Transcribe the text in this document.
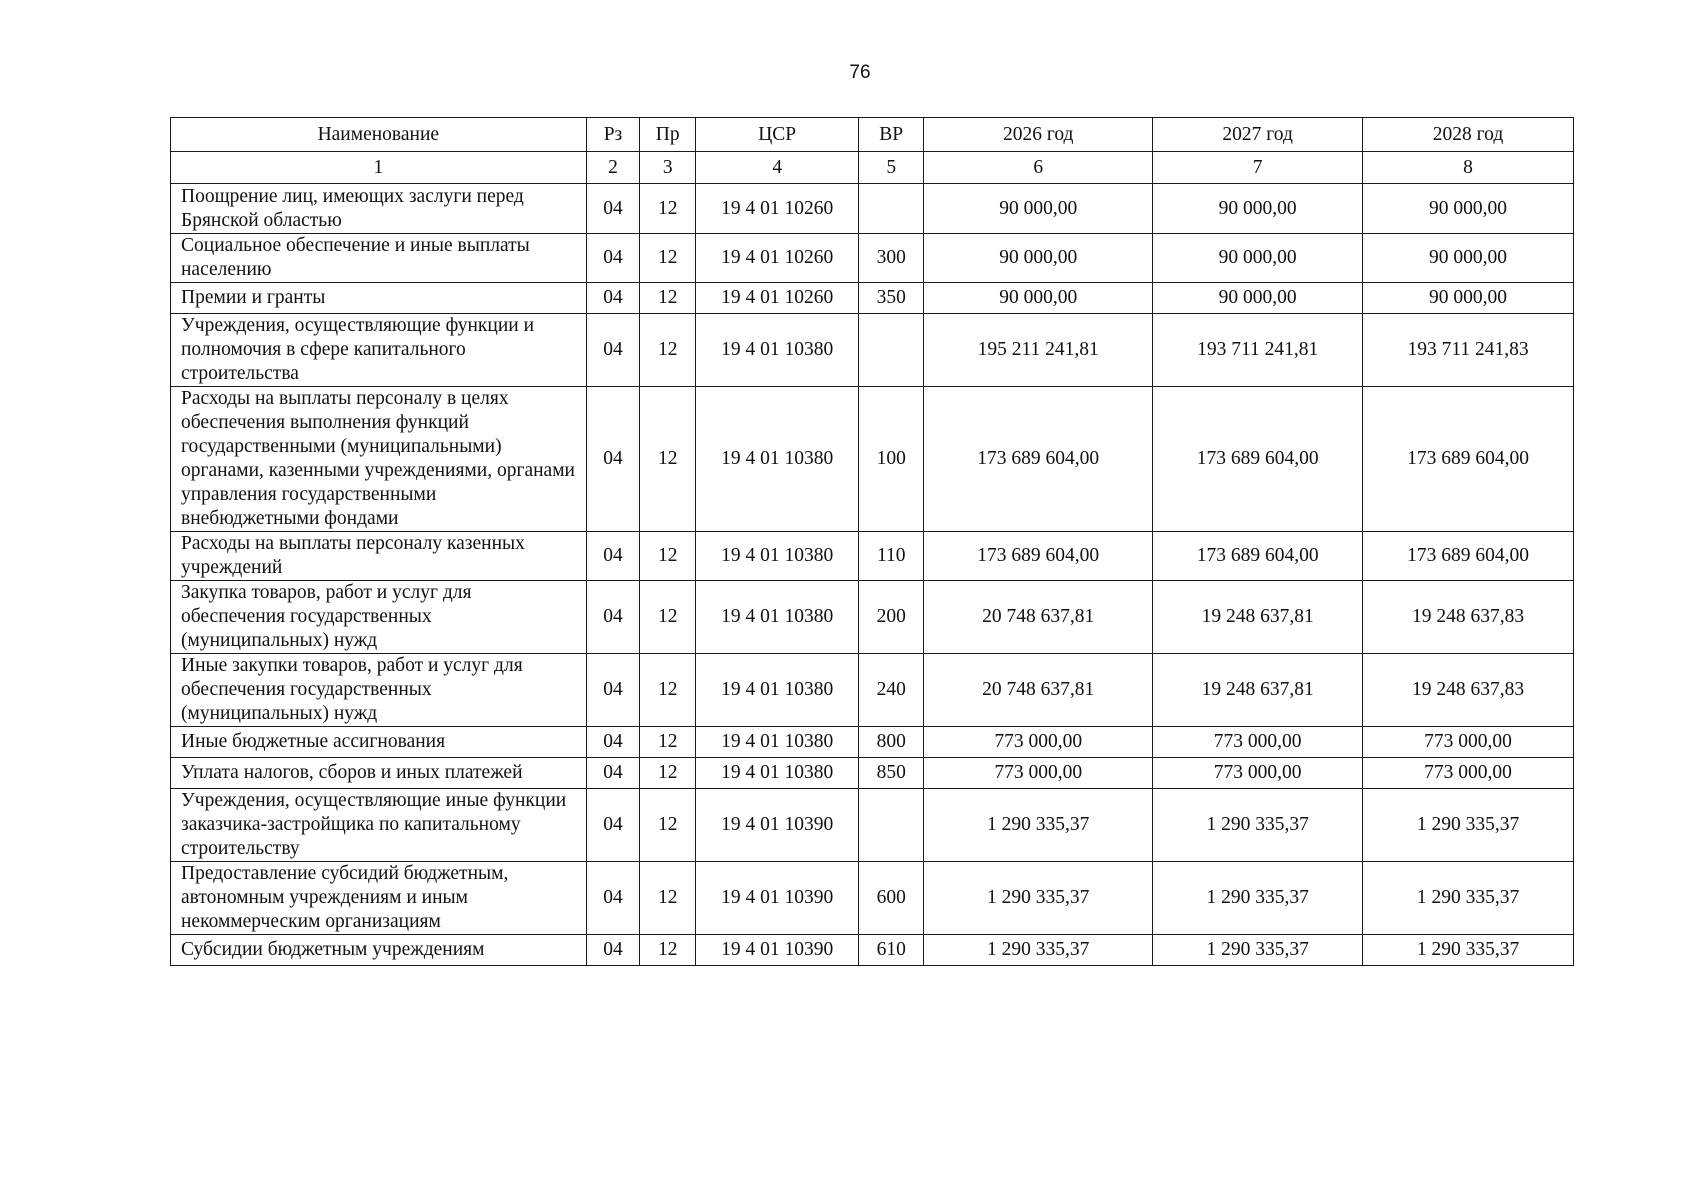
76
Наименование	Рз	Пр	ЦСР	ВР	2026 год	2027 год	2028 год
1	2	3	4	5	6	7	8
Поощрение лиц, имеющих заслуги перед Брянской областью	04	12	19 4 01 10260		90 000,00	90 000,00	90 000,00
Социальное обеспечение и иные выплаты населению	04	12	19 4 01 10260	300	90 000,00	90 000,00	90 000,00
Премии и гранты	04	12	19 4 01 10260	350	90 000,00	90 000,00	90 000,00
Учреждения, осуществляющие функции и полномочия в сфере капитального строительства	04	12	19 4 01 10380		195 211 241,81	193 711 241,81	193 711 241,83
Расходы на выплаты персоналу в целях обеспечения выполнения функций государственными (муниципальными) органами, казенными учреждениями, органами управления государственными внебюджетными фондами	04	12	19 4 01 10380	100	173 689 604,00	173 689 604,00	173 689 604,00
Расходы на выплаты персоналу казенных учреждений	04	12	19 4 01 10380	110	173 689 604,00	173 689 604,00	173 689 604,00
Закупка товаров, работ и услуг для обеспечения государственных (муниципальных) нужд	04	12	19 4 01 10380	200	20 748 637,81	19 248 637,81	19 248 637,83
Иные закупки товаров, работ и услуг для обеспечения государственных (муниципальных) нужд	04	12	19 4 01 10380	240	20 748 637,81	19 248 637,81	19 248 637,83
Иные бюджетные ассигнования	04	12	19 4 01 10380	800	773 000,00	773 000,00	773 000,00
Уплата налогов, сборов и иных платежей	04	12	19 4 01 10380	850	773 000,00	773 000,00	773 000,00
Учреждения, осуществляющие иные функции заказчика-застройщика по капитальному строительству	04	12	19 4 01 10390		1 290 335,37	1 290 335,37	1 290 335,37
Предоставление субсидий бюджетным, автономным учреждениям и иным некоммерческим организациям	04	12	19 4 01 10390	600	1 290 335,37	1 290 335,37	1 290 335,37
Субсидии бюджетным учреждениям	04	12	19 4 01 10390	610	1 290 335,37	1 290 335,37	1 290 335,37
